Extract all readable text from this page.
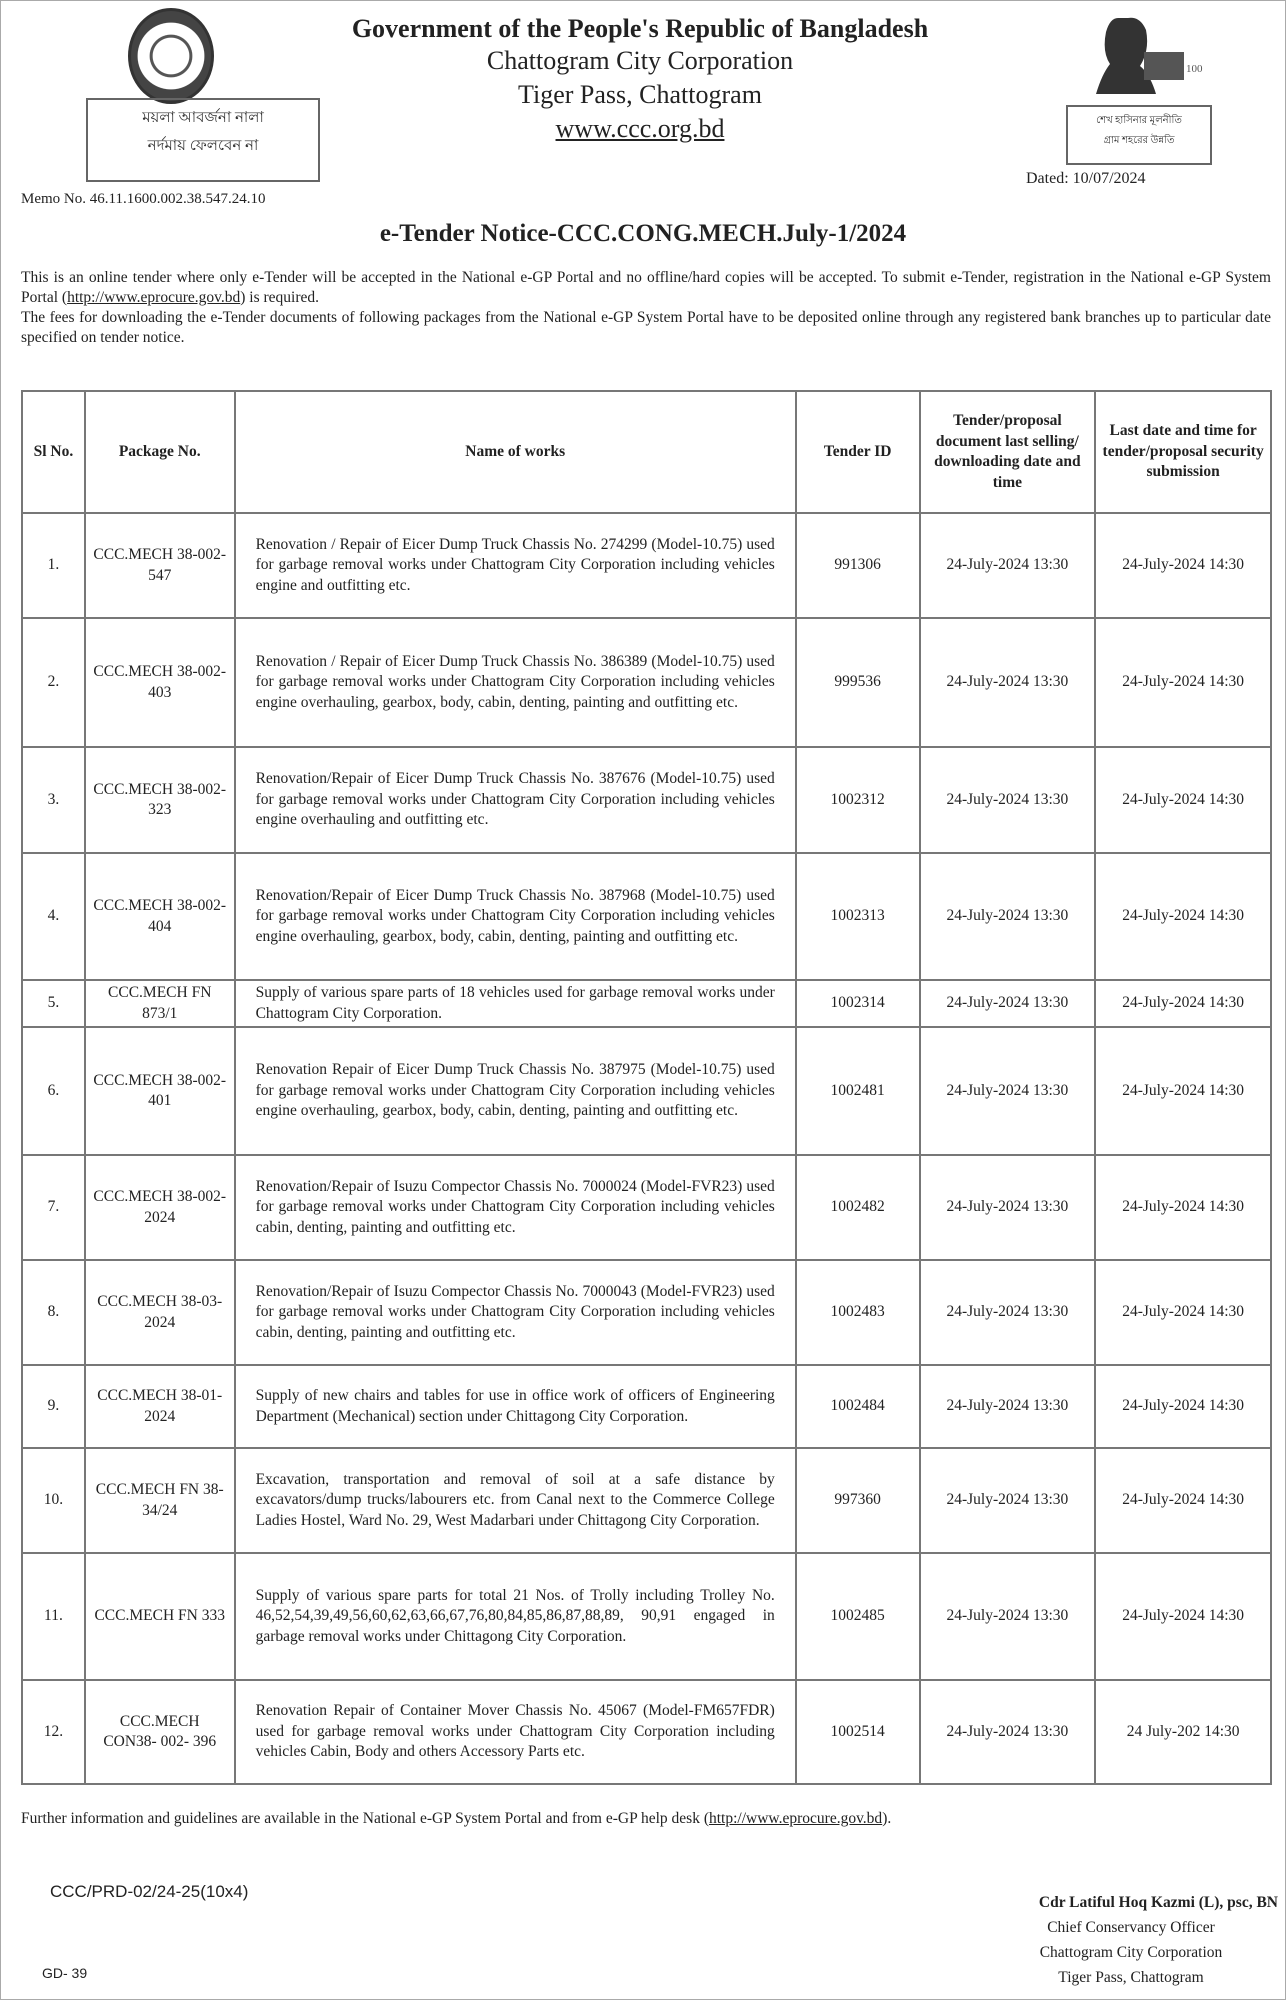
100
ময়লা আবর্জনা নালা
নর্দমায় ফেলবেন না
শেখ হাসিনার মূলনীতি
গ্রাম শহরের উন্নতি
Government of the People's Republic of Bangladesh
Chattogram City Corporation
Tiger Pass, Chattogram
www.ccc.org.bd
Dated: 10/07/2024
Memo No. 46.11.1600.002.38.547.24.10
e-Tender Notice-CCC.CONG.MECH.July-1/2024
This is an online tender where only e-Tender will be accepted in the National e-GP Portal and no offline/hard copies will be accepted. To submit e-Tender, registration in the National e-GP System Portal (http://www.eprocure.gov.bd) is required.
The fees for downloading the e-Tender documents of following packages from the National e-GP System Portal have to be deposited online through any registered bank branches up to particular date specified on tender notice.
Sl No.	Package No.	Name of works	Tender ID	Tender/proposal document last selling/ downloading date and time	Last date and time for tender/proposal security submission
1.	CCC.MECH 38-002-547	Renovation / Repair of Eicer Dump Truck Chassis No. 274299 (Model-10.75) used for garbage removal works under Chattogram City Corporation including vehicles engine and outfitting etc.	991306	24-July-2024 13:30	24-July-2024 14:30
2.	CCC.MECH 38-002-403	Renovation / Repair of Eicer Dump Truck Chassis No. 386389 (Model-10.75) used for garbage removal works under Chattogram City Corporation including vehicles engine overhauling, gearbox, body, cabin, denting, painting and outfitting etc.	999536	24-July-2024 13:30	24-July-2024 14:30
3.	CCC.MECH 38-002-323	Renovation/Repair of Eicer Dump Truck Chassis No. 387676 (Model-10.75) used for garbage removal works under Chattogram City Corporation including vehicles engine overhauling and outfitting etc.	1002312	24-July-2024 13:30	24-July-2024 14:30
4.	CCC.MECH 38-002-404	Renovation/Repair of Eicer Dump Truck Chassis No. 387968 (Model-10.75) used for garbage removal works under Chattogram City Corporation including vehicles engine overhauling, gearbox, body, cabin, denting, painting and outfitting etc.	1002313	24-July-2024 13:30	24-July-2024 14:30
5.	CCC.MECH FN 873/1	Supply of various spare parts of 18 vehicles used for garbage removal works under Chattogram City Corporation.	1002314	24-July-2024 13:30	24-July-2024 14:30
6.	CCC.MECH 38-002-401	Renovation Repair of Eicer Dump Truck Chassis No. 387975 (Model-10.75) used for garbage removal works under Chattogram City Corporation including vehicles engine overhauling, gearbox, body, cabin, denting, painting and outfitting etc.	1002481	24-July-2024 13:30	24-July-2024 14:30
7.	CCC.MECH 38-002-2024	Renovation/Repair of Isuzu Compector Chassis No. 7000024 (Model-FVR23) used for garbage removal works under Chattogram City Corporation including vehicles cabin, denting, painting and outfitting etc.	1002482	24-July-2024 13:30	24-July-2024 14:30
8.	CCC.MECH 38-03-2024	Renovation/Repair of Isuzu Compector Chassis No. 7000043 (Model-FVR23) used for garbage removal works under Chattogram City Corporation including vehicles cabin, denting, painting and outfitting etc.	1002483	24-July-2024 13:30	24-July-2024 14:30
9.	CCC.MECH 38-01-2024	Supply of new chairs and tables for use in office work of officers of Engineering Department (Mechanical) section under Chittagong City Corporation.	1002484	24-July-2024 13:30	24-July-2024 14:30
10.	CCC.MECH FN 38-34/24	Excavation, transportation and removal of soil at a safe distance by excavators/dump trucks/labourers etc. from Canal next to the Commerce College Ladies Hostel, Ward No. 29, West Madarbari under Chittagong City Corporation.	997360	24-July-2024 13:30	24-July-2024 14:30
11.	CCC.MECH FN 333	Supply of various spare parts for total 21 Nos. of Trolly including Trolley No. 46,52,54,39,49,56,60,62,63,66,67,76,80,84,85,86,87,88,89, 90,91 engaged in garbage removal works under Chittagong City Corporation.	1002485	24-July-2024 13:30	24-July-2024 14:30
12.	CCC.MECH CON38- 002- 396	Renovation Repair of Container Mover Chassis No. 45067 (Model-FM657FDR) used for garbage removal works under Chattogram City Corporation including vehicles Cabin, Body and others Accessory Parts etc.	1002514	24-July-2024 13:30	24 July-202 14:30
Further information and guidelines are available in the National e-GP System Portal and from e-GP help desk (http://www.eprocure.gov.bd).
CCC/PRD-02/24-25(10x4)
GD- 39
Cdr Latiful Hoq Kazmi (L), psc, BN
Chief Conservancy Officer
Chattogram City Corporation
Tiger Pass, Chattogram
